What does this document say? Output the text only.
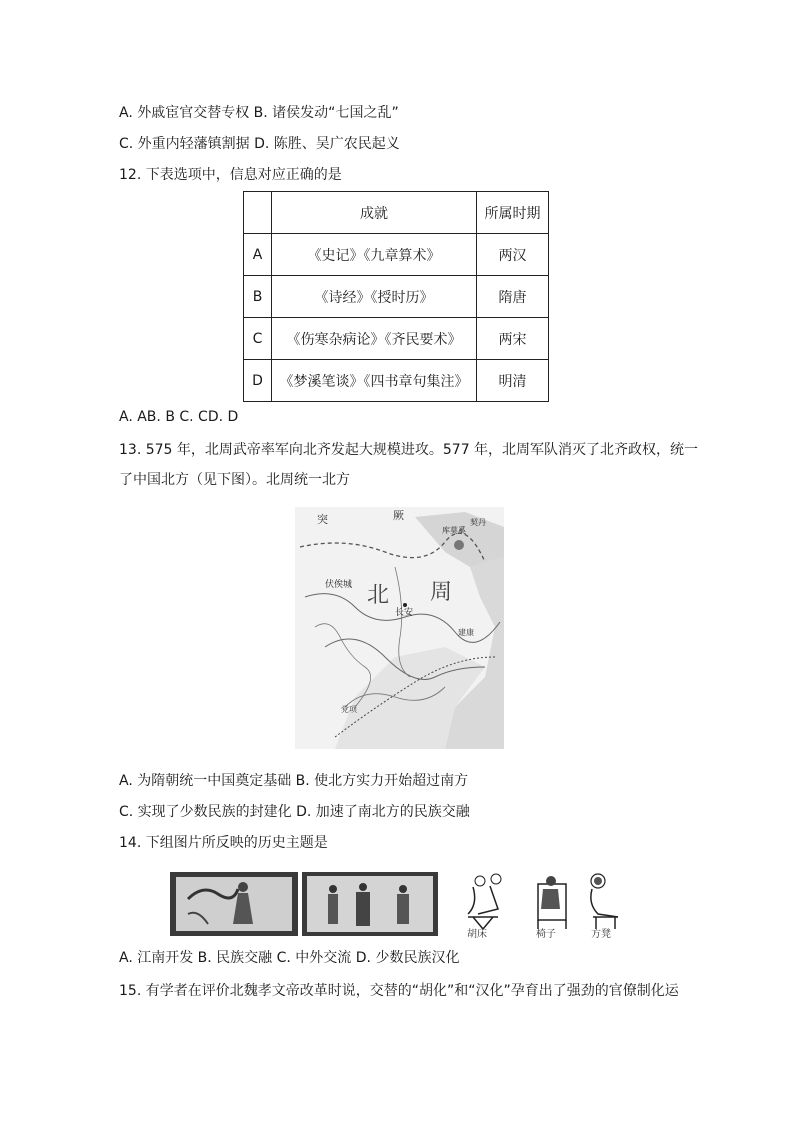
A. 外戚宦官交替专权 B. 诸侯发动“七国之乱”
C. 外重内轻藩镇割据 D. 陈胜、吴广农民起义
12. 下表选项中，信息对应正确的是
	成就	所属时期
A	《史记》《九章算术》	两汉
B	《诗经》《授时历》	隋唐
C	《伤寒杂病论》《齐民要术》	两宋
D	《梦溪笔谈》《四书章句集注》	明清
A. AB. B C. CD. D
13. 575 年，北周武帝率军向北齐发起大规模进攻。577 年，北周军队消灭了北齐政权，统一
了中国北方（见下图）。北周统一北方
突	厥
库莫奚
契丹
伏俟城 北 周
长安
建康
党项
A. 为隋朝统一中国奠定基础 B. 使北方实力开始超过南方
C. 实现了少数民族的封建化 D. 加速了南北方的民族交融
14. 下组图片所反映的历史主题是
胡床	椅子	方凳
A. 江南开发 B. 民族交融 C. 中外交流 D. 少数民族汉化
15. 有学者在评价北魏孝文帝改革时说，交替的“胡化”和“汉化”孕育出了强劲的官僚制化运
